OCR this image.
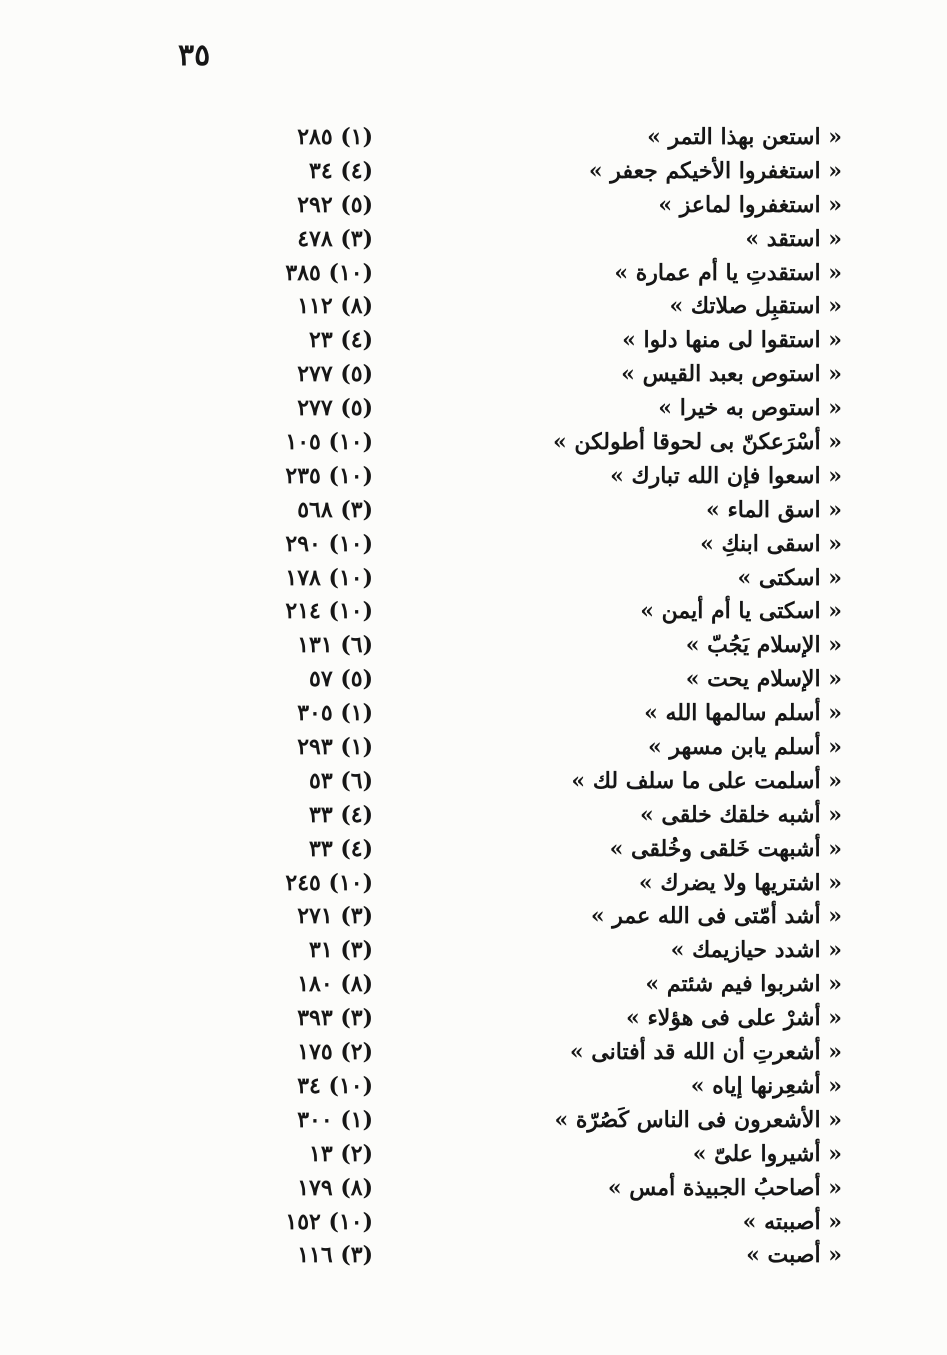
٣٥
« استعن بهذا التمر »
(١) ٢٨٥
« استغفروا الأخيكم جعفر »
(٤) ٣٤
« استغفروا لماعز »
(٥) ٢٩٢
« استقد »
(٣) ٤٧٨
« استقدتِ يا أم عمارة »
(١٠) ٣٨٥
« استقبِل صلاتك »
(٨) ١١٢
« استقوا لى منها دلوا »
(٤) ٢٣
« استوص بعبد القيس »
(٥) ٢٧٧
« استوص به خيرا »
(٥) ٢٧٧
« أسْرَعكنّ بى لحوقا أطولكن »
(١٠) ١٠٥
« اسعوا فإن الله تبارك »
(١٠) ٢٣٥
« اسق الماء »
(٣) ٥٦٨
« اسقى ابنكِ »
(١٠) ٢٩٠
« اسكتى »
(١٠) ١٧٨
« اسكتى يا أم أيمن »
(١٠) ٢١٤
« الإسلام يَجُبّ »
(٦) ١٣١
« الإسلام يحت »
(٥) ٥٧
« أسلم سالمها الله »
(١) ٣٠٥
« أسلم يابن مسهر »
(١) ٢٩٣
« أسلمت على ما سلف لك »
(٦) ٥٣
« أشبه خلقك خلقى »
(٤) ٣٣
« أشبهت خَلقى وخُلقى »
(٤) ٣٣
« اشتريها ولا يضرك »
(١٠) ٢٤٥
« أشد أمّتى فى الله عمر »
(٣) ٢٧١
« اشدد حيازيمك »
(٣) ٣١
« اشربوا فيم شئتم »
(٨) ١٨٠
« أشرْ على فى هؤلاء »
(٣) ٣٩٣
« أشعرتِ أن الله قد أفتانى »
(٢) ١٧٥
« أشعِرنها إياه »
(١٠) ٣٤
« الأشعرون فى الناس كَصُرّة »
(١) ٣٠٠
« أشيروا علىّ »
(٢) ١٣
« أصاحبُ الجبيذة أمس »
(٨) ١٧٩
« أصببته »
(١٠) ١٥٢
« أصبت »
(٣) ١١٦
